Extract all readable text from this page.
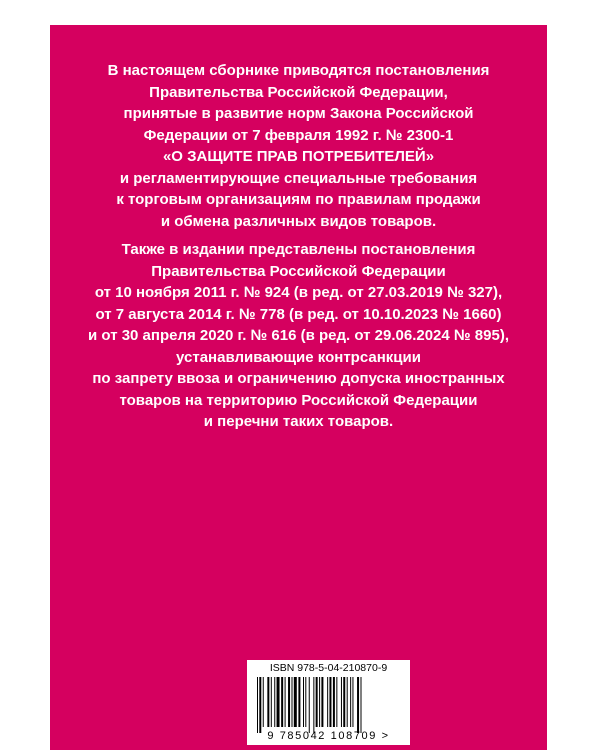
В настоящем сборнике приводятся постановления
Правительства Российской Федерации,
принятые в развитие норм Закона Российской
Федерации от 7 февраля 1992 г. № 2300-1
«О ЗАЩИТЕ ПРАВ ПОТРЕБИТЕЛЕЙ»
и регламентирующие специальные требования
к торговым организациям по правилам продажи
и обмена различных видов товаров.
Также в издании представлены постановления
Правительства Российской Федерации
от 10 ноября 2011 г. № 924 (в ред. от 27.03.2019 № 327),
от 7 августа 2014 г. № 778 (в ред. от 10.10.2023 № 1660)
и от 30 апреля 2020 г. № 616 (в ред. от 29.06.2024 № 895),
устанавливающие контрсанкции
по запрету ввоза и ограничению допуска иностранных
товаров на территорию Российской Федерации
и перечни таких товаров.
ISBN 978-5-04-210870-9
9 785042 108709 >
